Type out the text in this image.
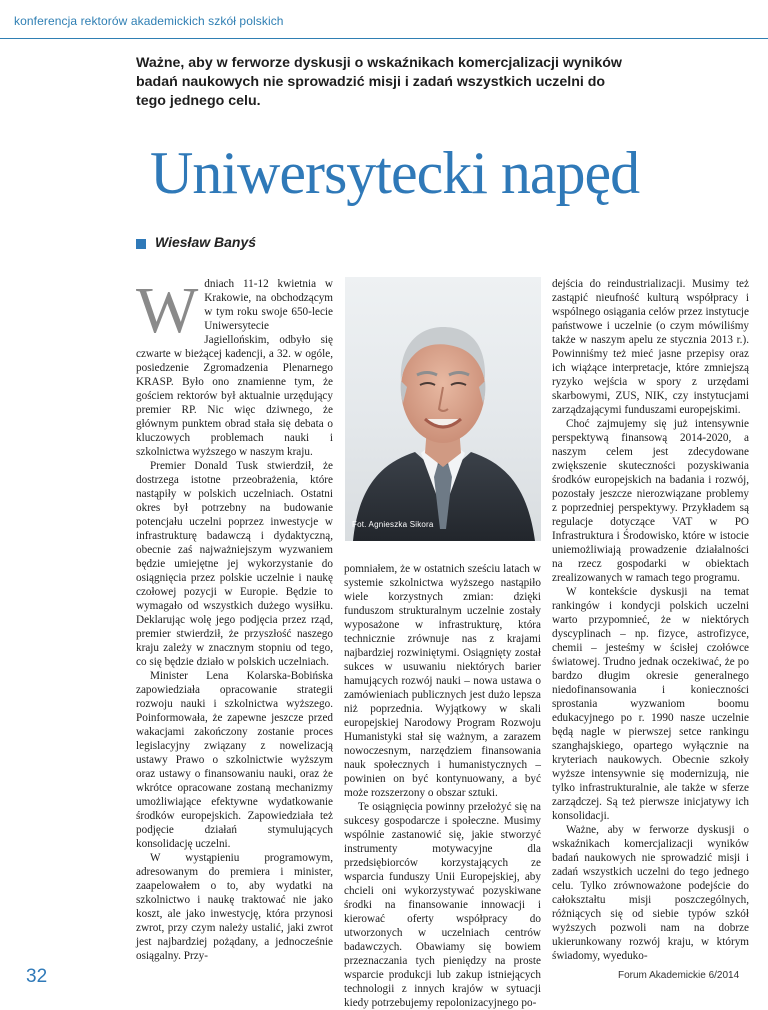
konferencja rektorów akademickich szkół polskich
Ważne, aby w ferworze dyskusji o wskaźnikach komercjalizacji wyników badań naukowych nie sprowadzić misji i zadań wszystkich uczelni do tego jednego celu.
Uniwersytecki napęd
Wiesław Banyś
W dniach 11-12 kwietnia w Krakowie, na obchodzącym w tym roku swoje 650-lecie Uniwersytecie Jagiellońskim, odbyło się czwarte w bieżącej kadencji, a 32. w ogóle, posiedzenie Zgromadzenia Plenarnego KRASP. Było ono znamienne tym, że gościem rektorów był aktualnie urzędujący premier RP. Nic więc dziwnego, że głównym punktem obrad stała się debata o kluczowych problemach nauki i szkolnictwa wyższego w naszym kraju.

Premier Donald Tusk stwierdził, że dostrzega istotne przeobrażenia, które nastąpiły w polskich uczelniach. Ostatni okres był potrzebny na budowanie potencjału uczelni poprzez inwestycje w infrastrukturę badawczą i dydaktyczną, obecnie zaś najważniejszym wyzwaniem będzie umiejętne jej wykorzystanie do osiągnięcia przez polskie uczelnie i naukę czołowej pozycji w Europie. Będzie to wymagało od wszystkich dużego wysiłku. Deklarując wolę jego podjęcia przez rząd, premier stwierdził, że przyszłość naszego kraju zależy w znacznym stopniu od tego, co się będzie działo w polskich uczelniach.

Minister Lena Kolarska-Bobińska zapowiedziała opracowanie strategii rozwoju nauki i szkolnictwa wyższego. Poinformowała, że zapewne jeszcze przed wakacjami zakończony zostanie proces legislacyjny związany z nowelizacją ustawy Prawo o szkolnictwie wyższym oraz ustawy o finansowaniu nauki, oraz że wkrótce opracowane zostaną mechanizmy umożliwiające efektywne wydatkowanie środków europejskich. Zapowiedziała też podjęcie działań stymulujących konsolidację uczelni.

W wystąpieniu programowym, adresowanym do premiera i minister, zaapelowałem o to, aby wydatki na szkolnictwo i naukę traktować nie jako koszt, ale jako inwestycję, która przynosi zwrot, przy czym należy ustalić, jaki zwrot jest najbardziej pożądany, a jednocześnie osiągalny. Przy-

Fot. Agnieszka Sikora

pomniałem, że w ostatnich sześciu latach w systemie szkolnictwa wyższego nastąpiło wiele korzystnych zmian: dzięki funduszom strukturalnym uczelnie zostały wyposażone w infrastrukturę, która technicznie zrównuje nas z krajami najbardziej rozwiniętymi. Osiągnięty został sukces w usuwaniu niektórych barier hamujących rozwój nauki – nowa ustawa o zamówieniach publicznych jest dużo lepsza niż poprzednia. Wyjątkowy w skali europejskiej Narodowy Program Rozwoju Humanistyki stał się ważnym, a zarazem nowoczesnym, narzędziem finansowania nauk społecznych i humanistycznych – powinien on być kontynuowany, a być może rozszerzony o obszar sztuki.

Te osiągnięcia powinny przełożyć się na sukcesy gospodarcze i społeczne. Musimy wspólnie zastanowić się, jakie stworzyć instrumenty motywacyjne dla przedsiębiorców korzystających ze wsparcia funduszy Unii Europejskiej, aby chcieli oni wykorzystywać pozyskiwane środki na finansowanie innowacji i kierować oferty współpracy do utworzonych w uczelniach centrów badawczych. Obawiamy się bowiem przeznaczania tych pieniędzy na proste wsparcie produkcji lub zakup istniejących technologii z innych krajów w sytuacji kiedy potrzebujemy repolonizacyjnego po-

dejścia do reindustrializacji. Musimy też zastąpić nieufność kulturą współpracy i wspólnego osiągania celów przez instytucje państwowe i uczelnie (o czym mówiliśmy także w naszym apelu ze stycznia 2013 r.). Powinniśmy też mieć jasne przepisy oraz ich wiążące interpretacje, które zmniejszą ryzyko wejścia w spory z urzędami skarbowymi, ZUS, NIK, czy instytucjami zarządzającymi funduszami europejskimi.

Choć zajmujemy się już intensywnie perspektywą finansową 2014-2020, a naszym celem jest zdecydowane zwiększenie skuteczności pozyskiwania środków europejskich na badania i rozwój, pozostały jeszcze nierozwiązane problemy z poprzedniej perspektywy. Przykładem są regulacje dotyczące VAT w PO Infrastruktura i Środowisko, które w istocie uniemożliwiają prowadzenie działalności na rzecz gospodarki w obiektach zrealizowanych w ramach tego programu.

W kontekście dyskusji na temat rankingów i kondycji polskich uczelni warto przypomnieć, że w niektórych dyscyplinach – np. fizyce, astrofizyce, chemii – jesteśmy w ścisłej czołówce światowej. Trudno jednak oczekiwać, że po bardzo długim okresie generalnego niedofinansowania i konieczności sprostania wyzwaniom boomu edukacyjnego po r. 1990 nasze uczelnie będą nagle w pierwszej setce rankingu szanghajskiego, opartego wyłącznie na kryteriach naukowych. Obecnie szkoły wyższe intensywnie się modernizują, nie tylko infrastrukturalnie, ale także w sferze zarządczej. Są też pierwsze inicjatywy ich konsolidacji.

Ważne, aby w ferworze dyskusji o wskaźnikach komercjalizacji wyników badań naukowych nie sprowadzić misji i zadań wszystkich uczelni do tego jednego celu. Tylko zrównoważone podejście do całokształtu misji poszczególnych, różniących się od siebie typów szkół wyższych pozwoli nam na dobrze ukierunkowany rozwój kraju, w którym świadomy, wyeduko-

32	Forum Akademickie 6/2014
